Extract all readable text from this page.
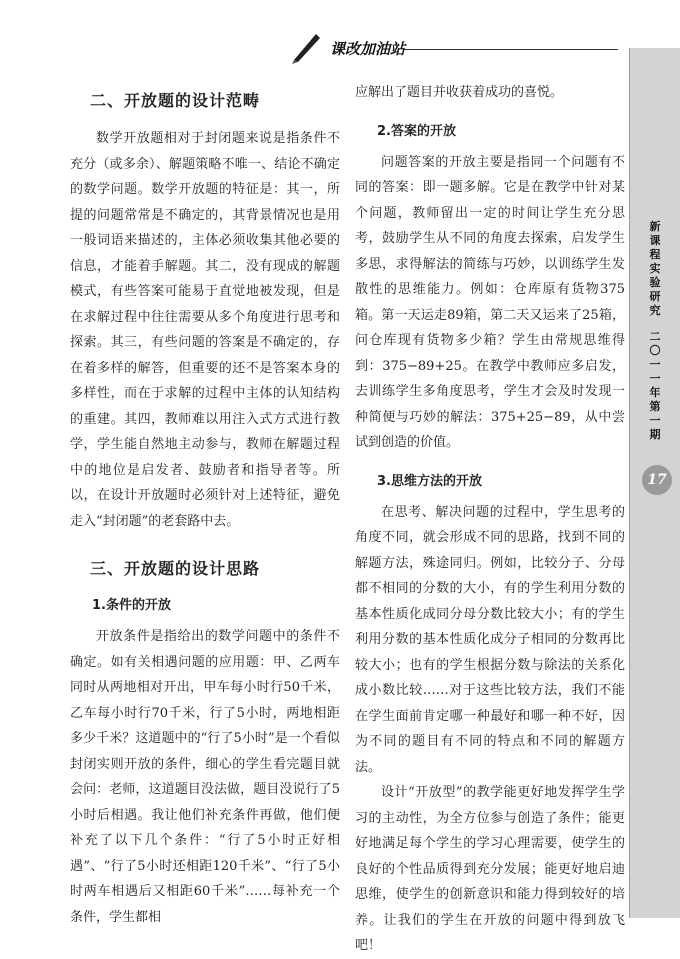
课改加油站
新课程实验研究
二〇一一年第一期
17
二、开放题的设计范畴

数学开放题相对于封闭题来说是指条件不充分（或多余）、解题策略不唯一、结论不确定的数学问题。数学开放题的特征是：其一，所提的问题常常是不确定的，其背景情况也是用一般词语来描述的，主体必须收集其他必要的信息，才能着手解题。其二，没有现成的解题模式，有些答案可能易于直觉地被发现，但是在求解过程中往往需要从多个角度进行思考和探索。其三，有些问题的答案是不确定的，存在着多样的解答，但重要的还不是答案本身的多样性，而在于求解的过程中主体的认知结构的重建。其四，教师难以用注入式方式进行教学，学生能自然地主动参与，教师在解题过程中的地位是启发者、鼓励者和指导者等。所以，在设计开放题时必须针对上述特征，避免走入“封闭题”的老套路中去。

三、开放题的设计思路
1.条件的开放

开放条件是指给出的数学问题中的条件不确定。如有关相遇问题的应用题：甲、乙两车同时从两地相对开出，甲车每小时行50千米，乙车每小时行70千米，行了5小时，两地相距多少千米？这道题中的“行了5小时”是一个看似封闭实则开放的条件，细心的学生看完题目就会问：老师，这道题目没法做，题目没说行了5小时后相遇。我让他们补充条件再做，他们便补充了以下几个条件：“行了5小时正好相遇”、“行了5小时还相距120千米”、“行了5小时两车相遇后又相距60千米”……每补充一个条件，学生都相

应解出了题目并收获着成功的喜悦。

2.答案的开放

问题答案的开放主要是指同一个问题有不同的答案：即一题多解。它是在教学中针对某个问题，教师留出一定的时间让学生充分思考，鼓励学生从不同的角度去探索，启发学生多思，求得解法的简练与巧妙，以训练学生发散性的思维能力。例如：仓库原有货物375箱。第一天运走89箱，第二天又运来了25箱，问仓库现有货物多少箱？学生由常规思维得到：375−89+25。在教学中教师应多启发，去训练学生多角度思考，学生才会及时发现一种简便与巧妙的解法：375+25−89，从中尝试到创造的价值。

3.思维方法的开放

在思考、解决问题的过程中，学生思考的角度不同，就会形成不同的思路，找到不同的解题方法，殊途同归。例如，比较分子、分母都不相同的分数的大小，有的学生利用分数的基本性质化成同分母分数比较大小；有的学生利用分数的基本性质化成分子相同的分数再比较大小；也有的学生根据分数与除法的关系化成小数比较……对于这些比较方法，我们不能在学生面前肯定哪一种最好和哪一种不好，因为不同的题目有不同的特点和不同的解题方法。

设计“开放型”的教学能更好地发挥学生学习的主动性，为全方位参与创造了条件；能更好地满足每个学生的学习心理需要，使学生的良好的个性品质得到充分发展；能更好地启迪思维，使学生的创新意识和能力得到较好的培养。让我们的学生在开放的问题中得到放飞吧！
